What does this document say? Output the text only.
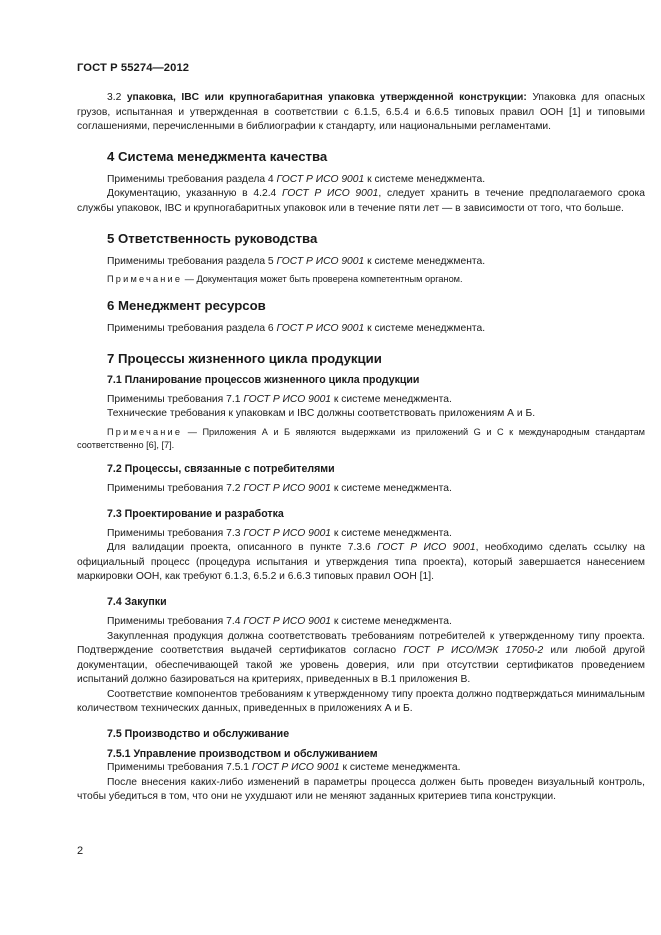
ГОСТ Р 55274—2012

3.2 упаковка, IBC или крупногабаритная упаковка утвержденной конструкции: Упаковка для опасных грузов, испытанная и утвержденная в соответствии с 6.1.5, 6.5.4 и 6.6.5 типовых правил ООН [1] и типовыми соглашениями, перечисленными в библиографии к стандарту, или национальными регламентами.

4 Система менеджмента качества

Применимы требования раздела 4 ГОСТ Р ИСО 9001 к системе менеджмента.

Документацию, указанную в 4.2.4 ГОСТ Р ИСО 9001, следует хранить в течение предполагаемого срока службы упаковок, IBC и крупногабаритных упаковок или в течение пяти лет — в зависимости от того, что больше.

5 Ответственность руководства

Применимы требования раздела 5 ГОСТ Р ИСО 9001 к системе менеджмента.

Примечание — Документация может быть проверена компетентным органом.

6 Менеджмент ресурсов

Применимы требования раздела 6 ГОСТ Р ИСО 9001 к системе менеджмента.

7 Процессы жизненного цикла продукции
7.1 Планирование процессов жизненного цикла продукции

Применимы требования 7.1 ГОСТ Р ИСО 9001 к системе менеджмента.

Технические требования к упаковкам и IBC должны соответствовать приложениям А и Б.

Примечание — Приложения А и Б являются выдержками из приложений G и C к международным стандартам соответственно [6], [7].

7.2 Процессы, связанные с потребителями

Применимы требования 7.2 ГОСТ Р ИСО 9001 к системе менеджмента.

7.3 Проектирование и разработка

Применимы требования 7.3 ГОСТ Р ИСО 9001 к системе менеджмента.

Для валидации проекта, описанного в пункте 7.3.6 ГОСТ Р ИСО 9001, необходимо сделать ссылку на официальный процесс (процедура испытания и утверждения типа проекта), который завершается нанесением маркировки ООН, как требуют 6.1.3, 6.5.2 и 6.6.3 типовых правил ООН [1].

7.4 Закупки

Применимы требования 7.4 ГОСТ Р ИСО 9001 к системе менеджмента.

Закупленная продукция должна соответствовать требованиям потребителей к утвержденному типу проекта. Подтверждение соответствия выдачей сертификатов согласно ГОСТ Р ИСО/МЭК 17050-2 или любой другой документации, обеспечивающей такой же уровень доверия, или при отсутствии сертификатов проведением испытаний должно базироваться на критериях, приведенных в В.1 приложения В.

Соответствие компонентов требованиям к утвержденному типу проекта должно подтверждаться минимальным количеством технических данных, приведенных в приложениях А и Б.

7.5 Производство и обслуживание
7.5.1 Управление производством и обслуживанием

Применимы требования 7.5.1 ГОСТ Р ИСО 9001 к системе менеджмента.

После внесения каких-либо изменений в параметры процесса должен быть проведен визуальный контроль, чтобы убедиться в том, что они не ухудшают или не меняют заданных критериев типа конструкции.

2
